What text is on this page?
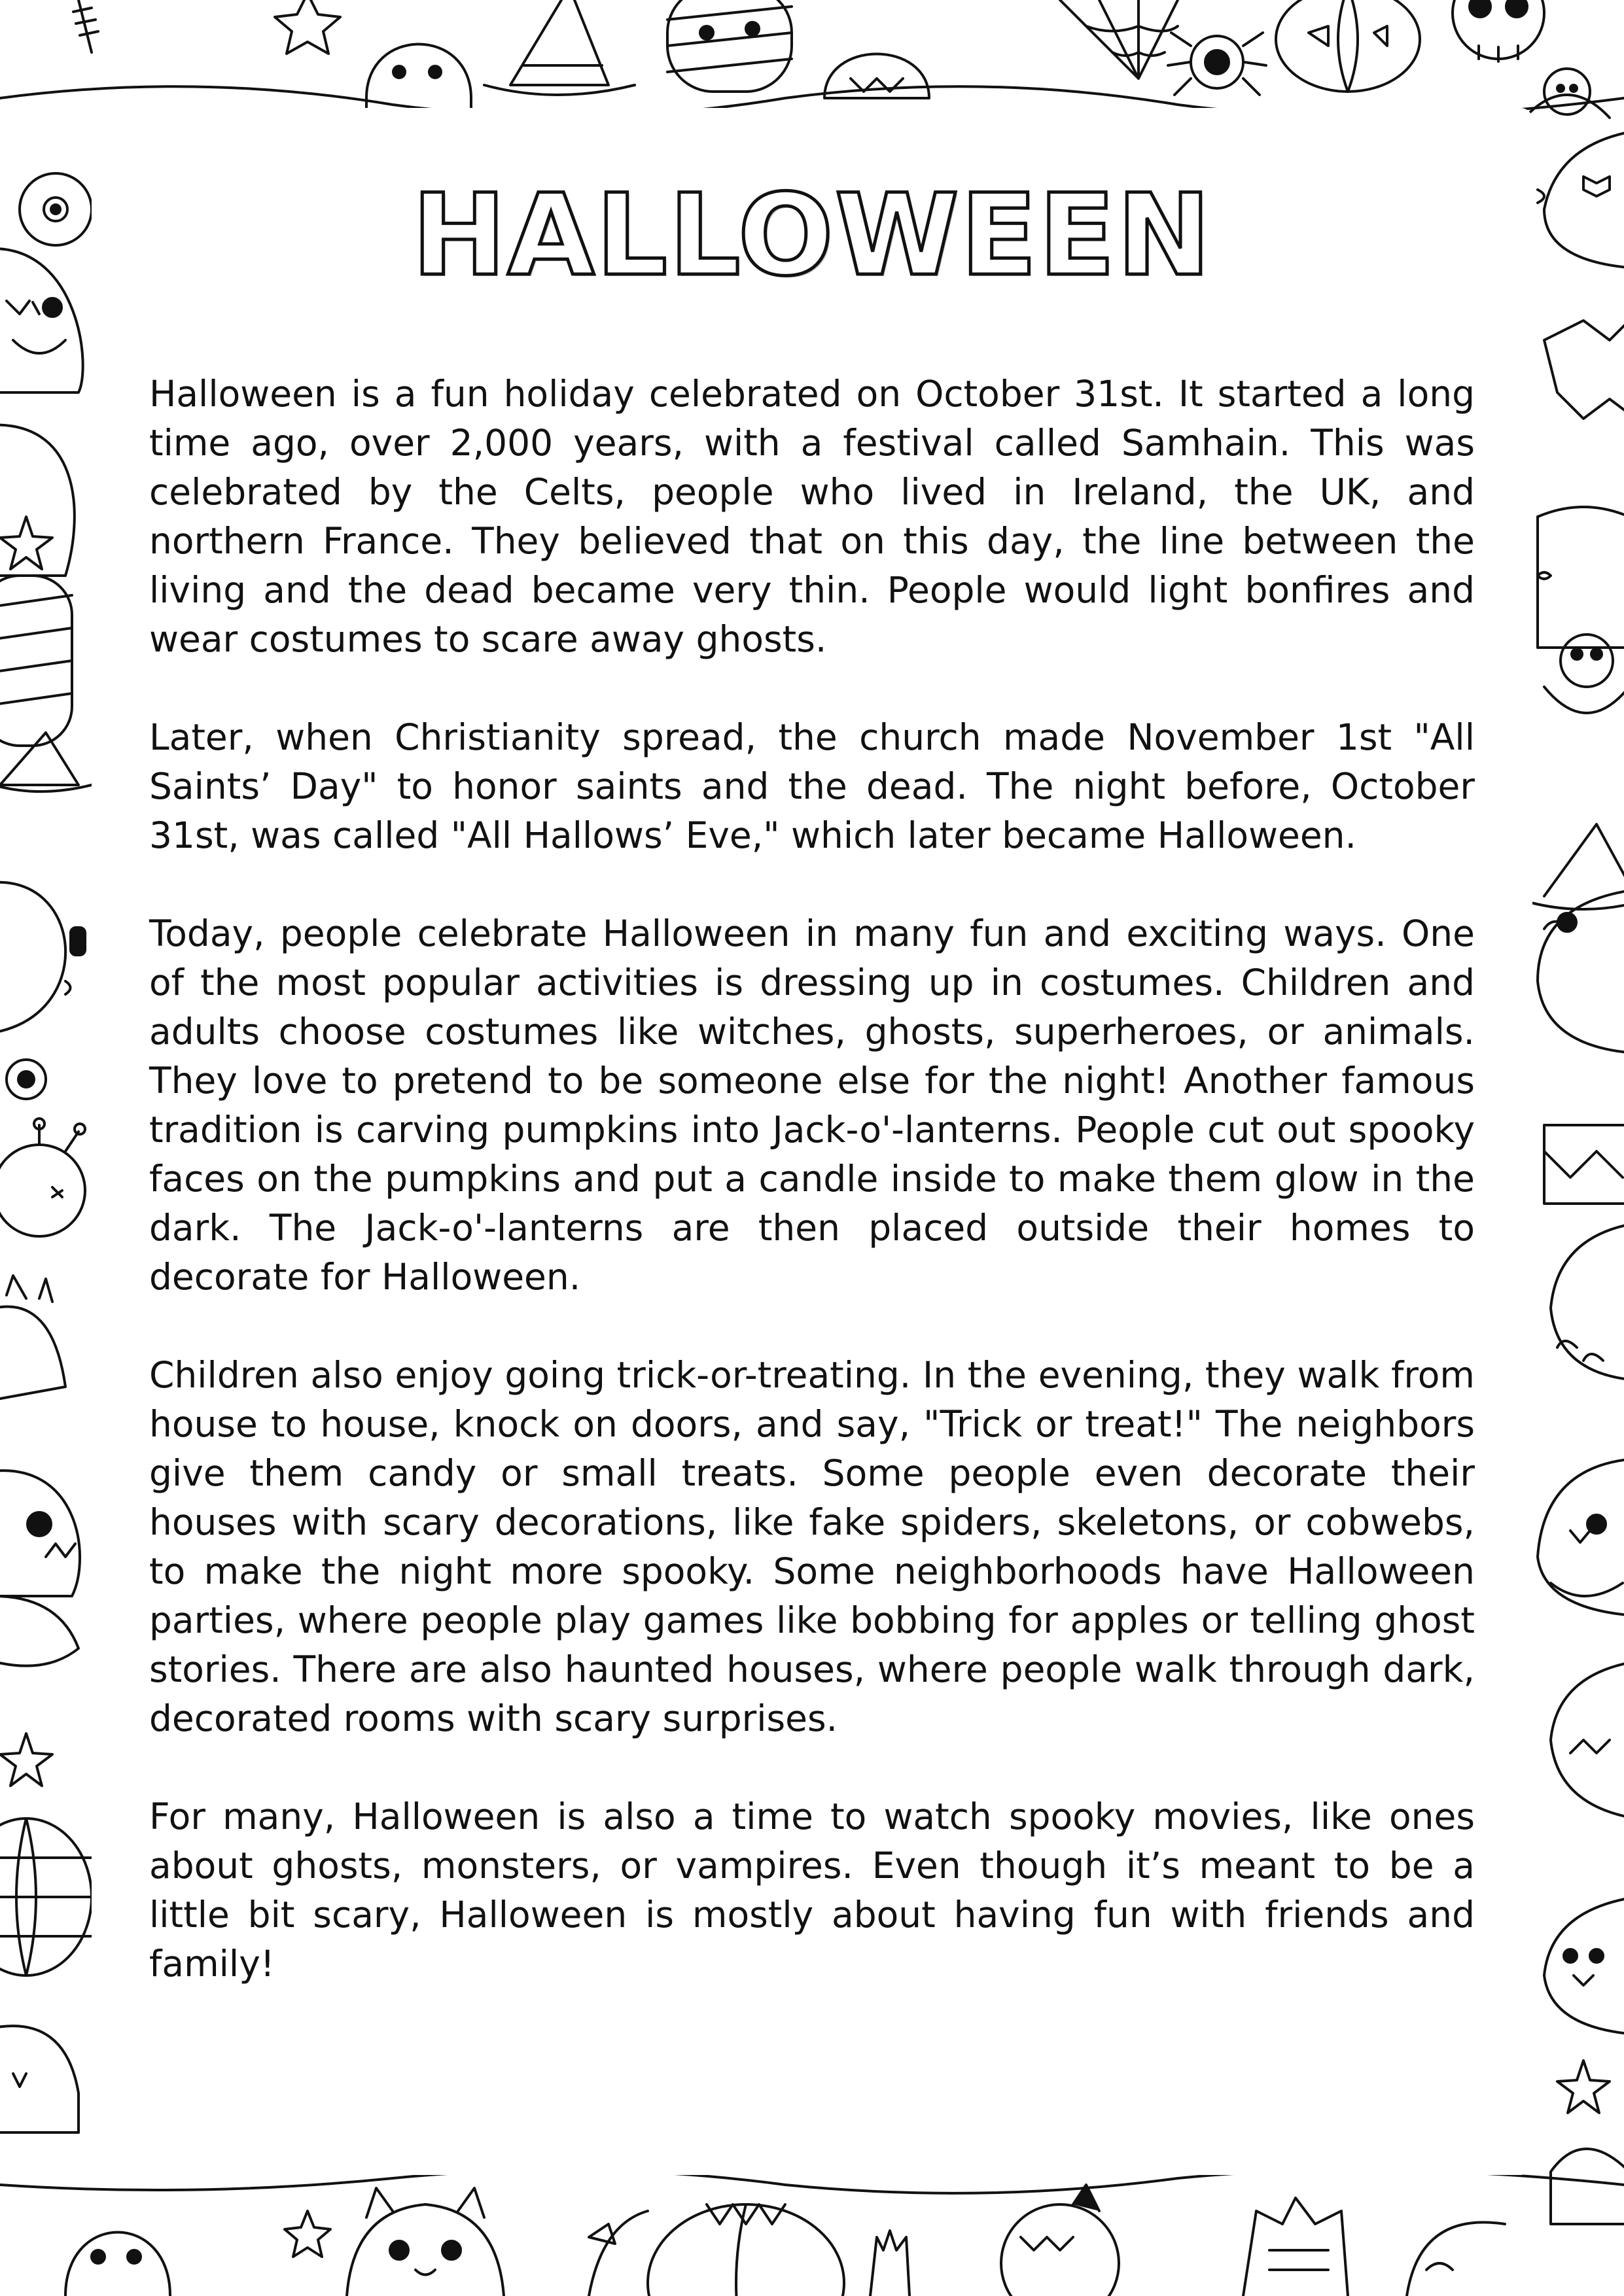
HALLOWEEN

Halloween is a fun holiday celebrated on October 31st. It started a long time ago, over 2,000 years, with a festival called Samhain. This was celebrated by the Celts, people who lived in Ireland, the UK, and northern France. They believed that on this day, the line between the living and the dead became very thin. People would light bonfires and wear costumes to scare away ghosts.

Later, when Christianity spread, the church made November 1st "All Saints’ Day" to honor saints and the dead. The night before, October 31st, was called "All Hallows’ Eve," which later became Halloween.

Today, people celebrate Halloween in many fun and exciting ways. One of the most popular activities is dressing up in costumes. Children and adults choose costumes like witches, ghosts, superheroes, or animals. They love to pretend to be someone else for the night! Another famous tradition is carving pumpkins into Jack-o'-lanterns. People cut out spooky faces on the pumpkins and put a candle inside to make them glow in the dark. The Jack-o'-lanterns are then placed outside their homes to decorate for Halloween.

Children also enjoy going trick-or-treating. In the evening, they walk from house to house, knock on doors, and say, "Trick or treat!" The neighbors give them candy or small treats. Some people even decorate their houses with scary decorations, like fake spiders, skeletons, or cobwebs, to make the night more spooky. Some neighborhoods have Halloween parties, where people play games like bobbing for apples or telling ghost stories. There are also haunted houses, where people walk through dark, decorated rooms with scary surprises.

For many, Halloween is also a time to watch spooky movies, like ones about ghosts, monsters, or vampires. Even though it’s meant to be a little bit scary, Halloween is mostly about having fun with friends and family!
